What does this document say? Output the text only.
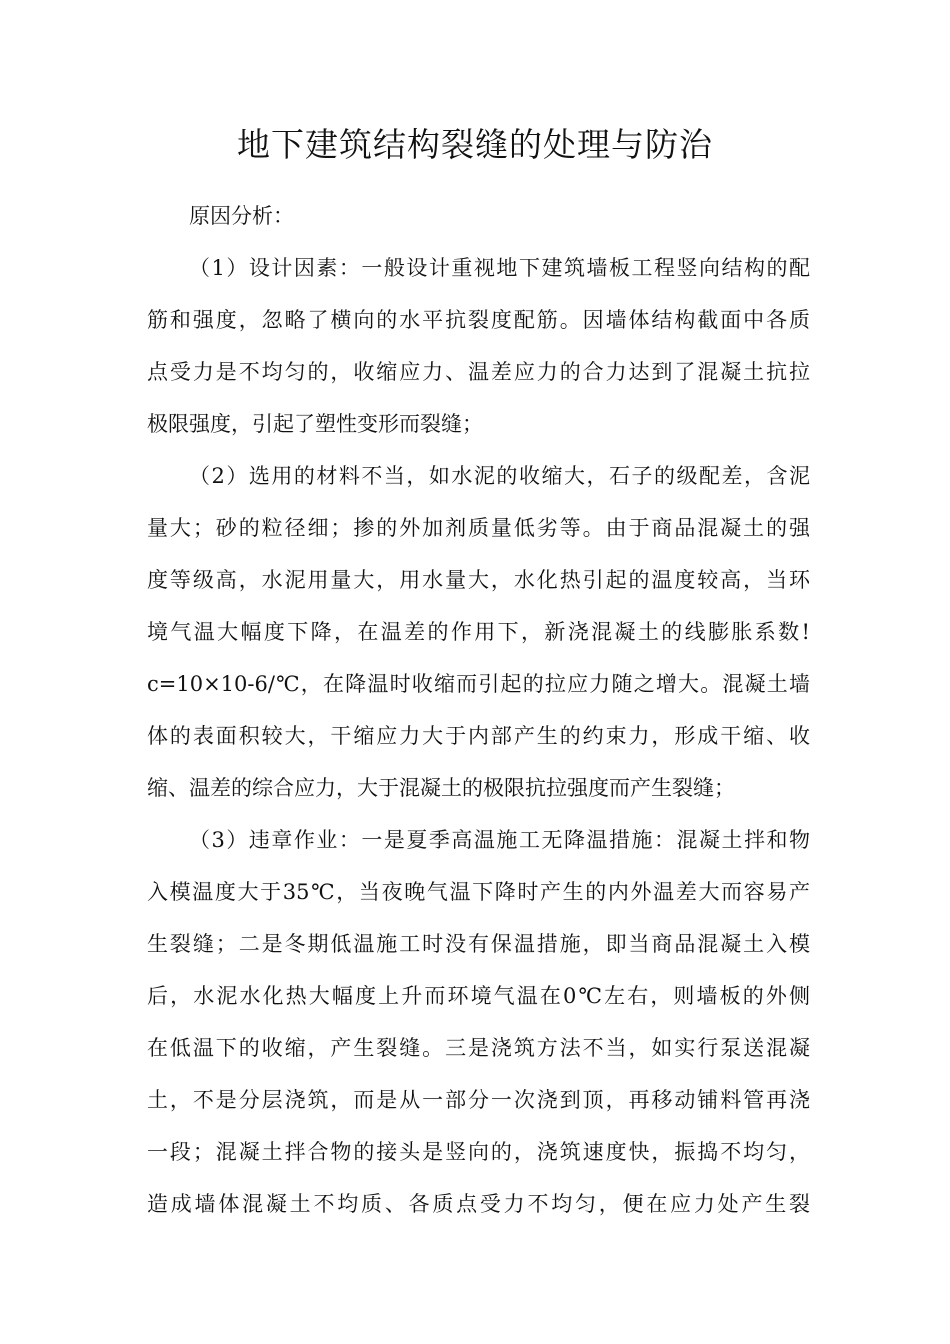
地下建筑结构裂缝的处理与防治
原因分析：
（1）设计因素：一般设计重视地下建筑墙板工程竖向结构的配
筋和强度，忽略了横向的水平抗裂度配筋。因墙体结构截面中各质
点受力是不均匀的，收缩应力、温差应力的合力达到了混凝土抗拉
极限强度，引起了塑性变形而裂缝；
（2）选用的材料不当，如水泥的收缩大，石子的级配差，含泥
量大；砂的粒径细；掺的外加剂质量低劣等。由于商品混凝土的强
度等级高，水泥用量大，用水量大，水化热引起的温度较高，当环
境气温大幅度下降，在温差的作用下，新浇混凝土的线膨胀系数!
c=10×10-6/℃，在降温时收缩而引起的拉应力随之增大。混凝土墙
体的表面积较大，干缩应力大于内部产生的约束力，形成干缩、收
缩、温差的综合应力，大于混凝土的极限抗拉强度而产生裂缝；
（3）违章作业：一是夏季高温施工无降温措施：混凝土拌和物
入模温度大于35℃，当夜晚气温下降时产生的内外温差大而容易产
生裂缝；二是冬期低温施工时没有保温措施，即当商品混凝土入模
后，水泥水化热大幅度上升而环境气温在0℃左右，则墙板的外侧
在低温下的收缩，产生裂缝。三是浇筑方法不当，如实行泵送混凝
土，不是分层浇筑，而是从一部分一次浇到顶，再移动铺料管再浇
一段；混凝土拌合物的接头是竖向的，浇筑速度快，振捣不均匀，
造成墙体混凝土不均质、各质点受力不均匀，便在应力处产生裂
